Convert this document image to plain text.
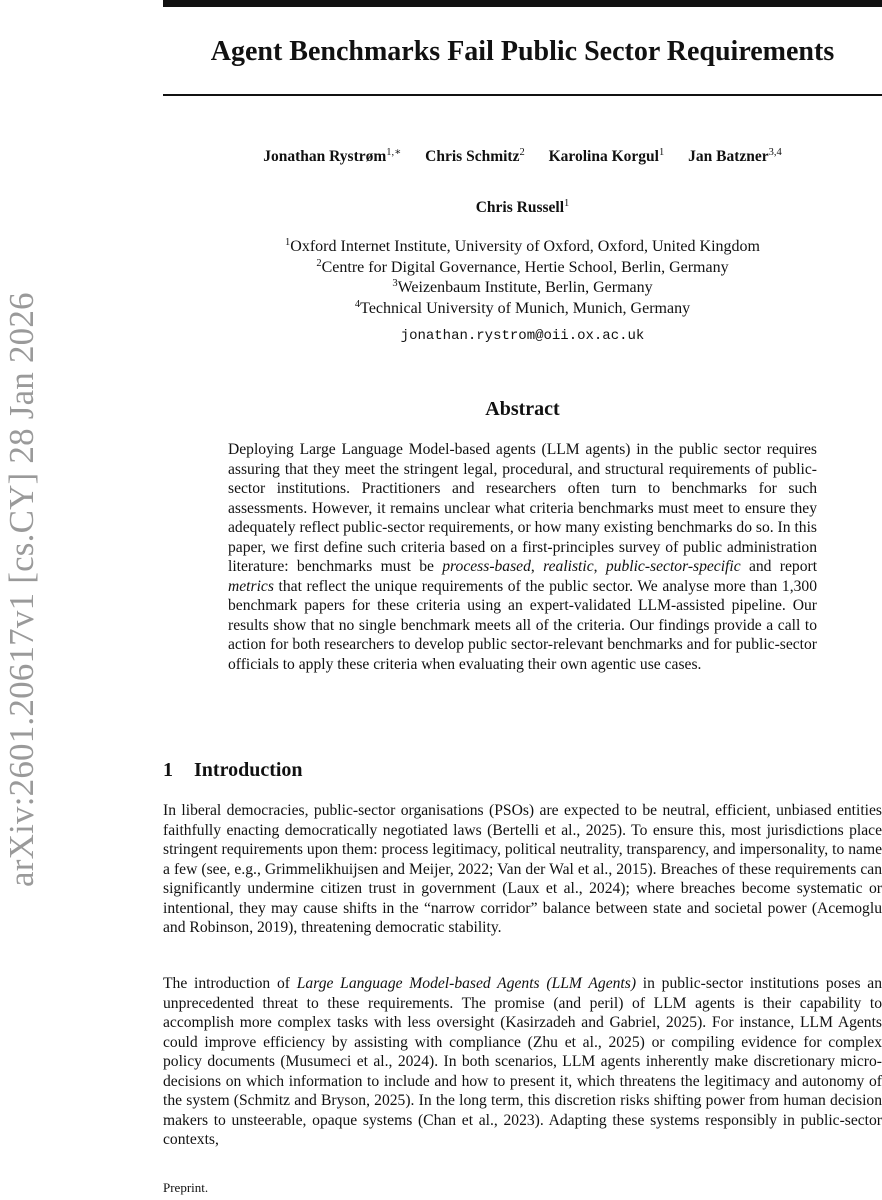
arXiv:2601.20617v1 [cs.CY] 28 Jan 2026
Agent Benchmarks Fail Public Sector Requirements
Jonathan Rystrøm$^{1,∗}$ Chris Schmitz$^2$ Karolina Korgul$^1$ Jan Batzner$^{3,4}$
Chris Russell$^1$
$^1$Oxford Internet Institute, University of Oxford, Oxford, United Kingdom
$^2$Centre for Digital Governance, Hertie School, Berlin, Germany
$^3$Weizenbaum Institute, Berlin, Germany
$^4$Technical University of Munich, Munich, Germany
jonathan.rystrom@oii.ox.ac.uk
Abstract

Deploying Large Language Model-based agents (LLM agents) in the public sector requires assuring that they meet the stringent legal, procedural, and structural requirements of public-sector institutions. Practitioners and researchers often turn to benchmarks for such assessments. However, it remains unclear what criteria benchmarks must meet to ensure they adequately reflect public-sector requirements, or how many existing benchmarks do so. In this paper, we first define such criteria based on a first-principles survey of public administration literature: benchmarks must be process-based, realistic, public-sector-specific and report metrics that reflect the unique requirements of the public sector. We analyse more than 1,300 benchmark papers for these criteria using an expert-validated LLM-assisted pipeline. Our results show that no single benchmark meets all of the criteria. Our findings provide a call to action for both researchers to develop public sector-relevant benchmarks and for public-sector officials to apply these criteria when evaluating their own agentic use cases.

1 Introduction

In liberal democracies, public-sector organisations (PSOs) are expected to be neutral, efficient, unbiased entities faithfully enacting democratically negotiated laws (Bertelli et al., 2025). To ensure this, most jurisdictions place stringent requirements upon them: process legitimacy, political neutrality, transparency, and impersonality, to name a few (see, e.g., Grimmelikhuijsen and Meijer, 2022; Van der Wal et al., 2015). Breaches of these requirements can significantly undermine citizen trust in government (Laux et al., 2024); where breaches become systematic or intentional, they may cause shifts in the “narrow corridor” balance between state and societal power (Acemoglu and Robinson, 2019), threatening democratic stability.

The introduction of Large Language Model-based Agents (LLM Agents) in public-sector institutions poses an unprecedented threat to these requirements. The promise (and peril) of LLM agents is their capability to accomplish more complex tasks with less oversight (Kasirzadeh and Gabriel, 2025). For instance, LLM Agents could improve efficiency by assisting with compliance (Zhu et al., 2025) or compiling evidence for complex policy documents (Musumeci et al., 2024). In both scenarios, LLM agents inherently make discretionary micro-decisions on which information to include and how to present it, which threatens the legitimacy and autonomy of the system (Schmitz and Bryson, 2025). In the long term, this discretion risks shifting power from human decision makers to unsteerable, opaque systems (Chan et al., 2023). Adapting these systems responsibly in public-sector contexts,

Preprint.
